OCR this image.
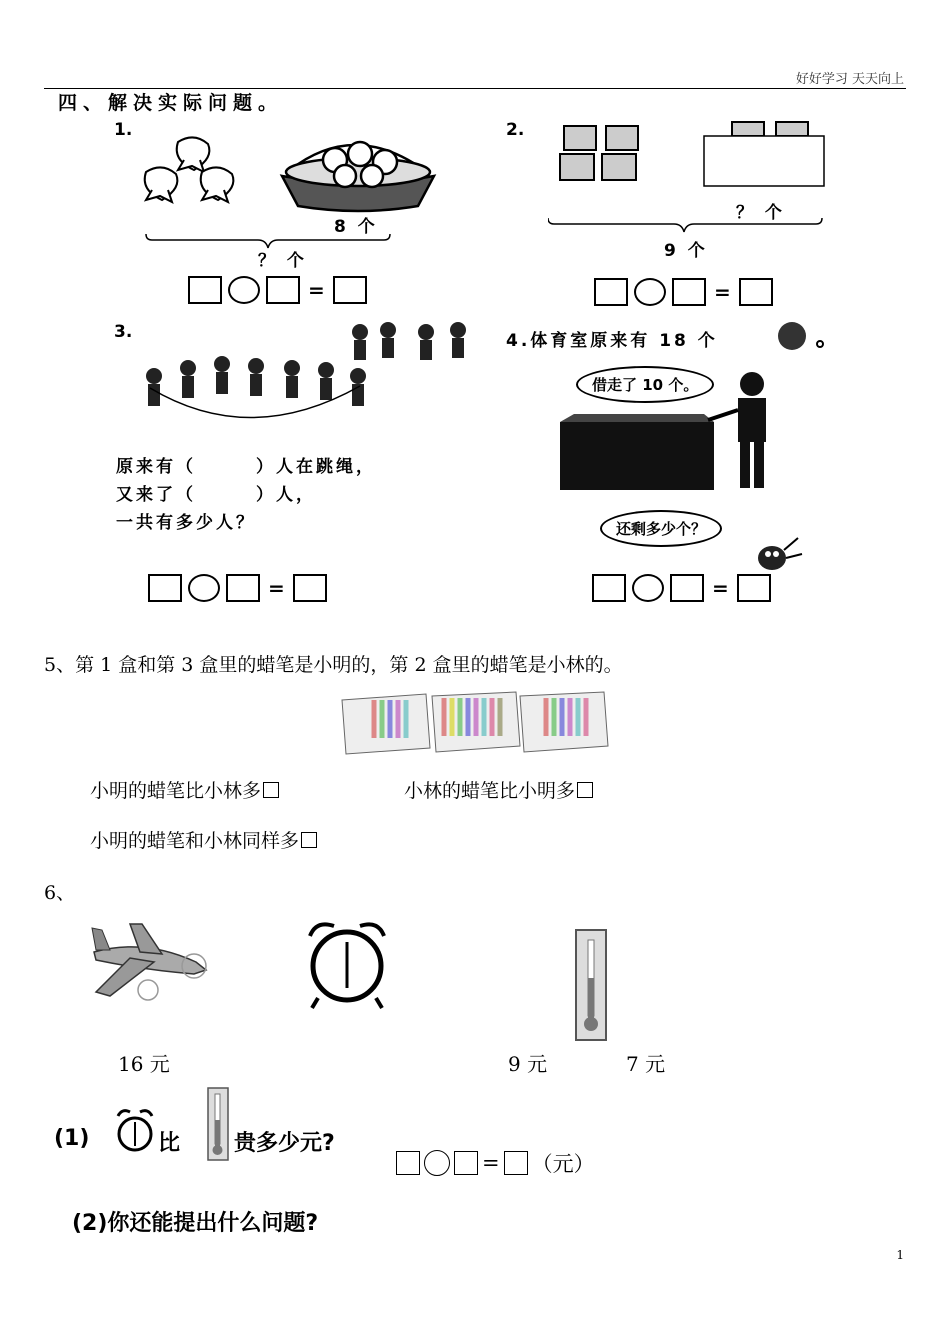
好好学习 天天向上
四、解决实际问题。
1.
8 个
？ 个
=
2.
？ 个
9 个
=
3.
原来有（　　　）人在跳绳，
又来了（　　　）人，
一共有多少人？
=
4.体育室原来有 18 个
借走了 10 个。
还剩多少个？
=
5、第 1 盒和第 3 盒里的蜡笔是小明的，第 2 盒里的蜡笔是小林的。
小明的蜡笔比小林多	小林的蜡笔比小明多
小明的蜡笔和小林同样多
6、
16 元	9 元	7 元
(1)	比 贵多少元?
= （元）
(2)你还能提出什么问题?
1
